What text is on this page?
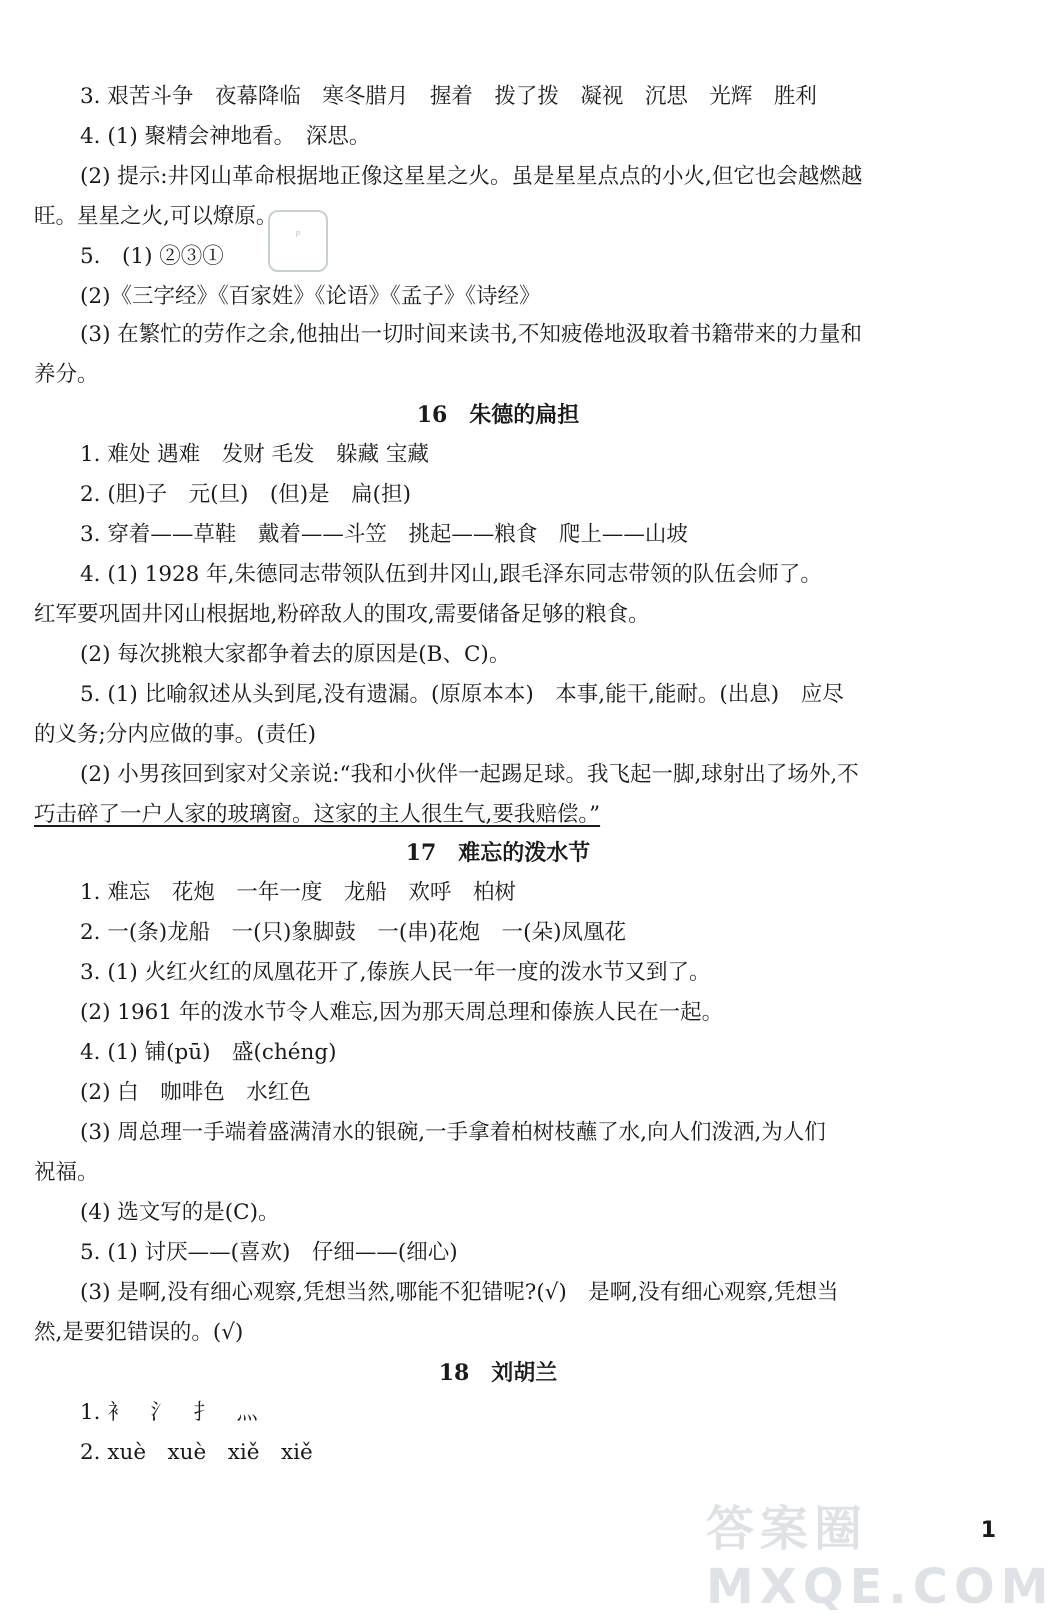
3. 艰苦斗争　夜幕降临　寒冬腊月　握着　拨了拨　凝视　沉思　光辉　胜利
4. (1) 聚精会神地看。　深思。
(2) 提示:井冈山革命根据地正像这星星之火。虽是星星点点的小火,但它也会越燃越
旺。星星之火,可以燎原。
P
5.　(1) ②③①
(2)《三字经》《百家姓》《论语》《孟子》《诗经》
(3) 在繁忙的劳作之余,他抽出一切时间来读书,不知疲倦地汲取着书籍带来的力量和
养分。
16　朱德的扁担
1. 难处 遇难　发财 毛发　躲藏 宝藏
2. (胆)子　元(旦)　(但)是　扁(担)
3. 穿着——草鞋　戴着——斗笠　挑起——粮食　爬上——山坡
4. (1) 1928 年,朱德同志带领队伍到井冈山,跟毛泽东同志带领的队伍会师了。
红军要巩固井冈山根据地,粉碎敌人的围攻,需要储备足够的粮食。
(2) 每次挑粮大家都争着去的原因是(B、C)。
5. (1) 比喻叙述从头到尾,没有遗漏。(原原本本)　本事,能干,能耐。(出息)　应尽
的义务;分内应做的事。(责任)
(2) 小男孩回到家对父亲说:“我和小伙伴一起踢足球。我飞起一脚,球射出了场外,不
巧击碎了一户人家的玻璃窗。这家的主人很生气,要我赔偿。”
17　难忘的泼水节
1. 难忘　花炮　一年一度　龙船　欢呼　柏树
2. 一(条)龙船　一(只)象脚鼓　一(串)花炮　一(朵)凤凰花
3. (1) 火红火红的凤凰花开了,傣族人民一年一度的泼水节又到了。
(2) 1961 年的泼水节令人难忘,因为那天周总理和傣族人民在一起。
4. (1) 铺(pū)　盛(chéng)
(2) 白　咖啡色　水红色
(3) 周总理一手端着盛满清水的银碗,一手拿着柏树枝蘸了水,向人们泼洒,为人们
祝福。
(4) 选文写的是(C)。
5. (1) 讨厌——(喜欢)　仔细——(细心)
(3) 是啊,没有细心观察,凭想当然,哪能不犯错呢?(√)　是啊,没有细心观察,凭想当
然,是要犯错误的。(√)
18　刘胡兰
1. 衤　氵　扌　灬
2. xuè　xuè　xiě　xiě
答案圈 MXQE.COM
1
